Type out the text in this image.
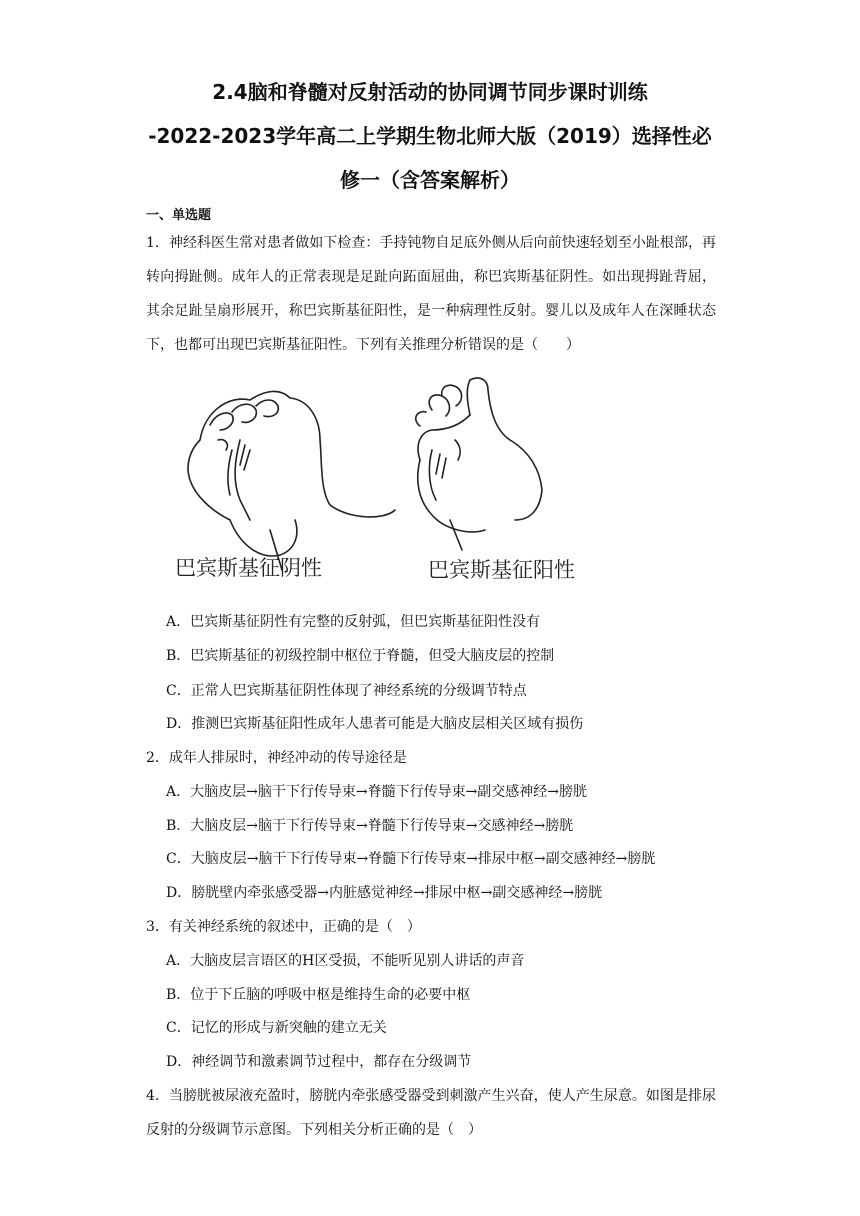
2.4脑和脊髓对反射活动的协同调节同步课时训练
-2022-2023学年高二上学期生物北师大版（2019）选择性必
修一（含答案解析）
一、单选题
1．神经科医生常对患者做如下检查：手持钝物自足底外侧从后向前快速轻划至小趾根部，再转向拇趾侧。成年人的正常表现是足趾向跖面屈曲，称巴宾斯基征阴性。如出现拇趾背屈，其余足趾呈扇形展开，称巴宾斯基征阳性，是一种病理性反射。婴儿以及成年人在深睡状态下，也都可出现巴宾斯基征阳性。下列有关推理分析错误的是（　　）
巴宾斯基征阴性	巴宾斯基征阳性
A．巴宾斯基征阴性有完整的反射弧，但巴宾斯基征阳性没有
B．巴宾斯基征的初级控制中枢位于脊髓，但受大脑皮层的控制
C．正常人巴宾斯基征阴性体现了神经系统的分级调节特点
D．推测巴宾斯基征阳性成年人患者可能是大脑皮层相关区域有损伤
2．成年人排尿时，神经冲动的传导途径是
A．大脑皮层→脑干下行传导束→脊髓下行传导束→副交感神经→膀胱
B．大脑皮层→脑干下行传导束→脊髓下行传导束→交感神经→膀胱
C．大脑皮层→脑干下行传导束→脊髓下行传导束→排尿中枢→副交感神经→膀胱
D．膀胱壁内牵张感受器→内脏感觉神经→排尿中枢→副交感神经→膀胱
3．有关神经系统的叙述中，正确的是（　）
A．大脑皮层言语区的H区受损，不能听见别人讲话的声音
B．位于下丘脑的呼吸中枢是维持生命的必要中枢
C．记忆的形成与新突触的建立无关
D．神经调节和激素调节过程中，都存在分级调节
4．当膀胱被尿液充盈时，膀胱内牵张感受器受到刺激产生兴奋，使人产生尿意。如图是排尿反射的分级调节示意图。下列相关分析正确的是（　）
